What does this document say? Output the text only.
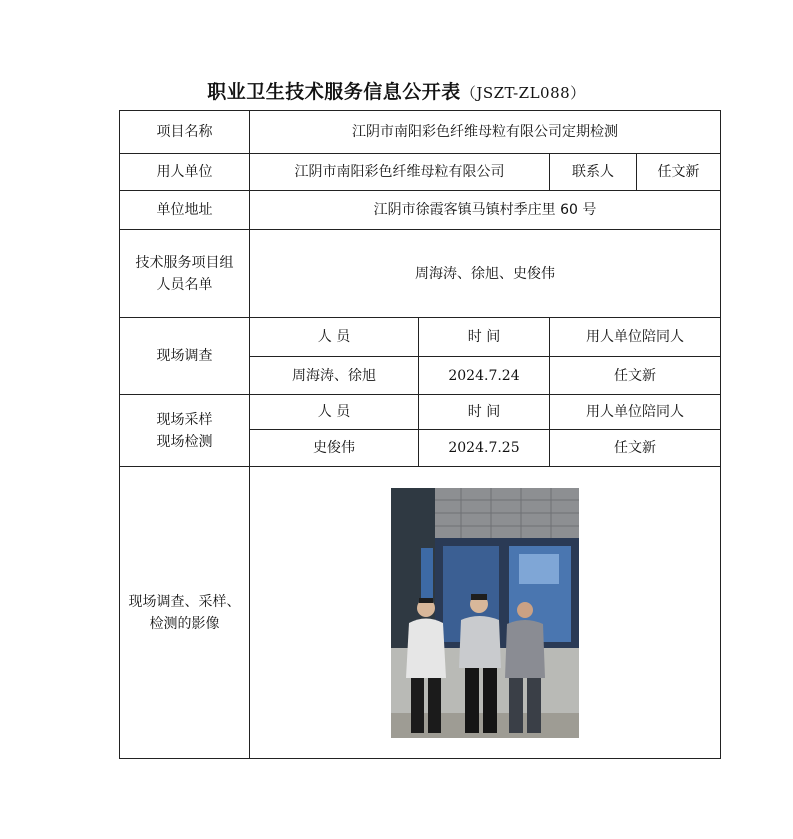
职业卫生技术服务信息公开表（JSZT-ZL088）
项目名称	江阴市南阳彩色纤维母粒有限公司定期检测			
用人单位	江阴市南阳彩色纤维母粒有限公司		联系人	任文新
单位地址	江阴市徐霞客镇马镇村季庄里 60 号			

技术服务项目组
人员名单	周海涛、徐旭、史俊伟			
现场调查	人 员	时 间	用人单位陪同人	
	周海涛、徐旭	2024.7.24	任文新	

现场采样
现场检测	人 员	时 间	用人单位陪同人	
	史俊伟	2024.7.25	任文新	

现场调查、采样、
检测的影像
